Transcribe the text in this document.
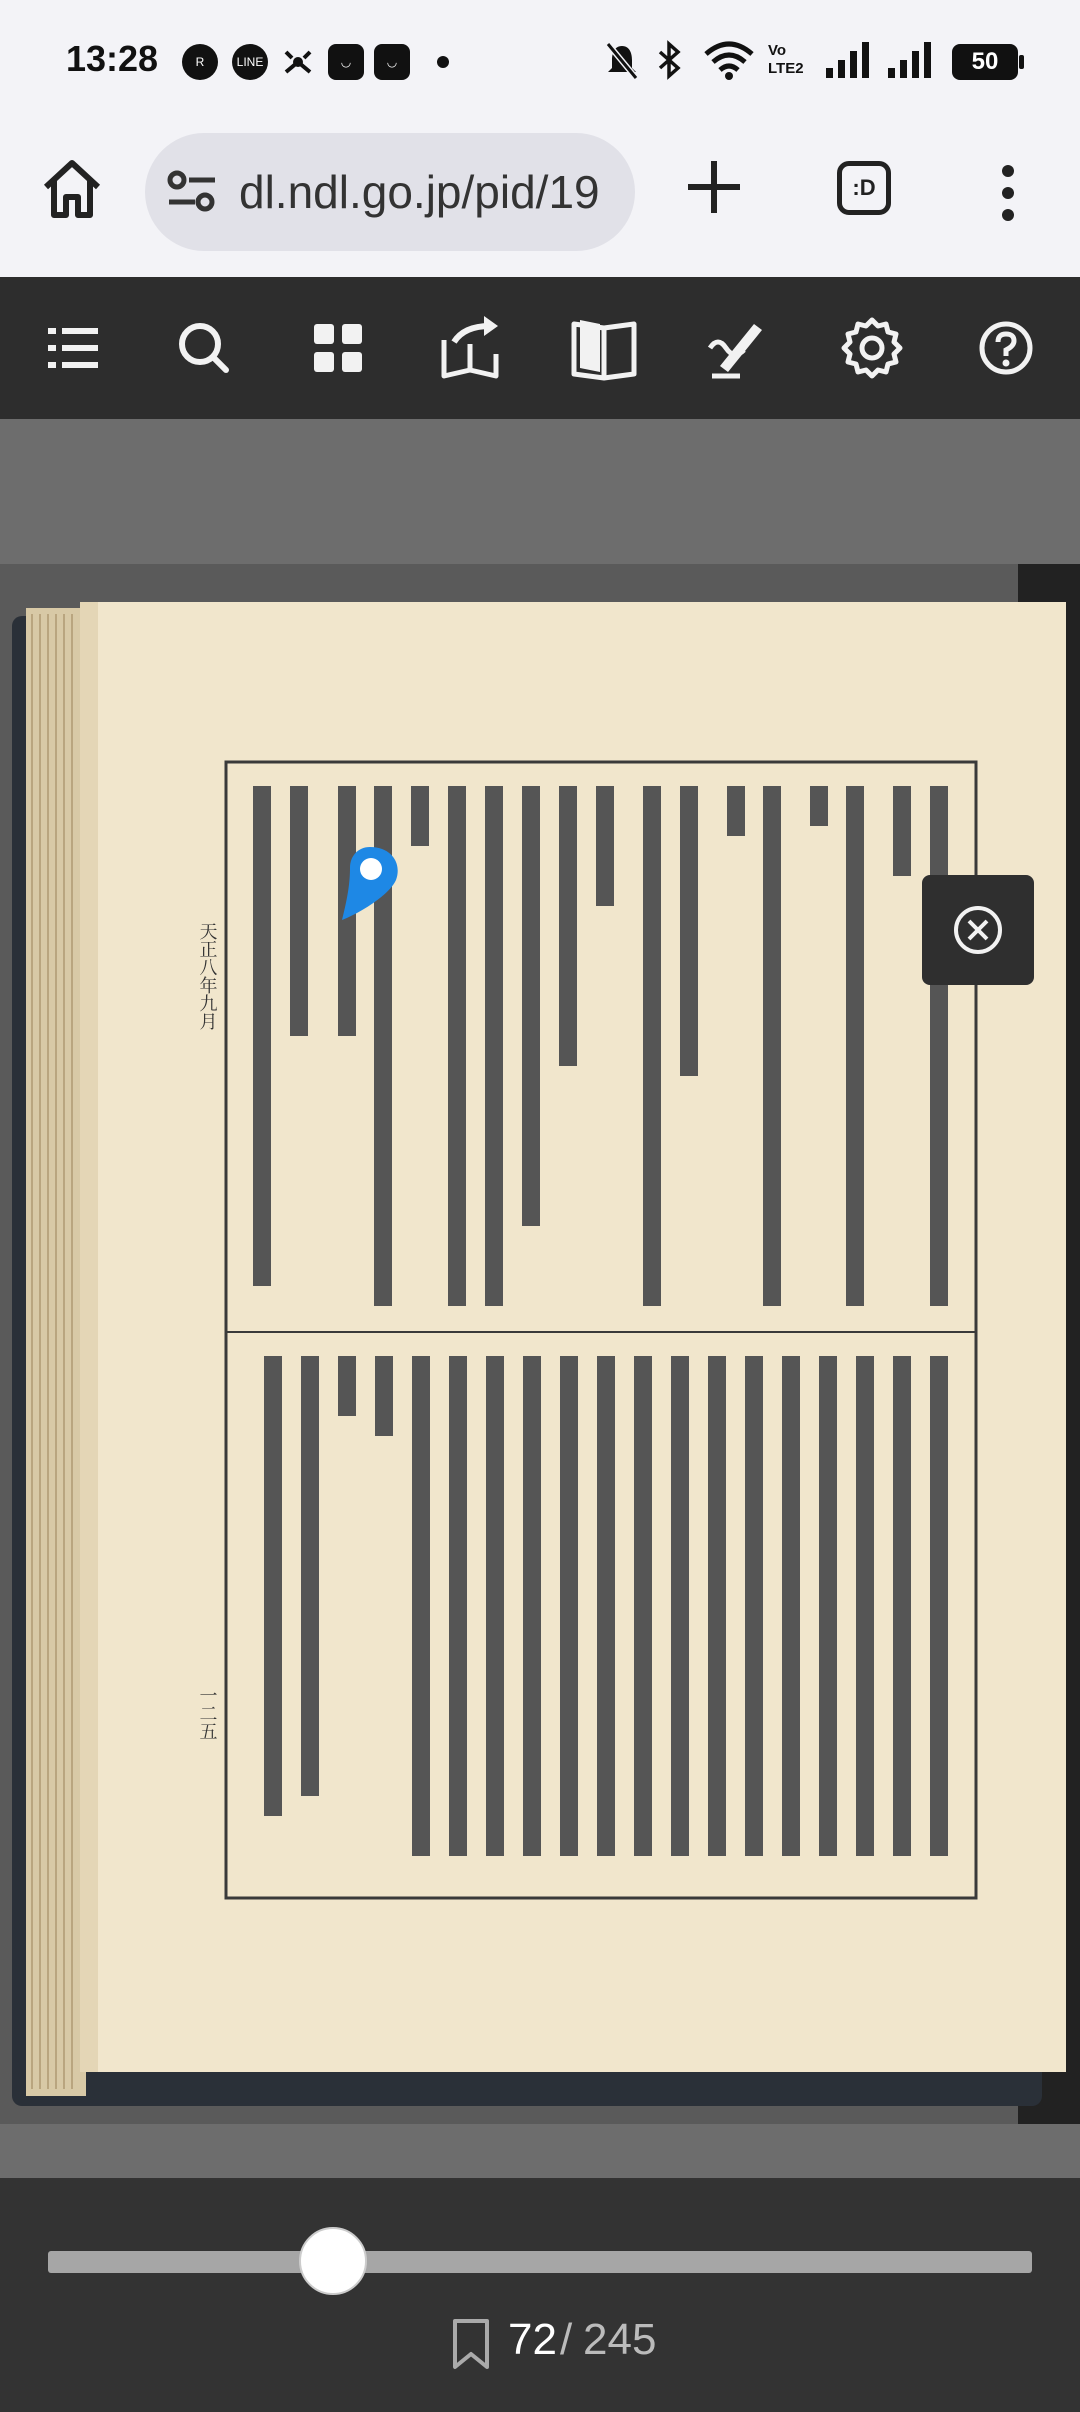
13:28	R	LINE	◡	◡
Vo LTE2	50
dl.ndl.go.jp/pid/19	:D
天正八年九月
一二五
72 / 245
